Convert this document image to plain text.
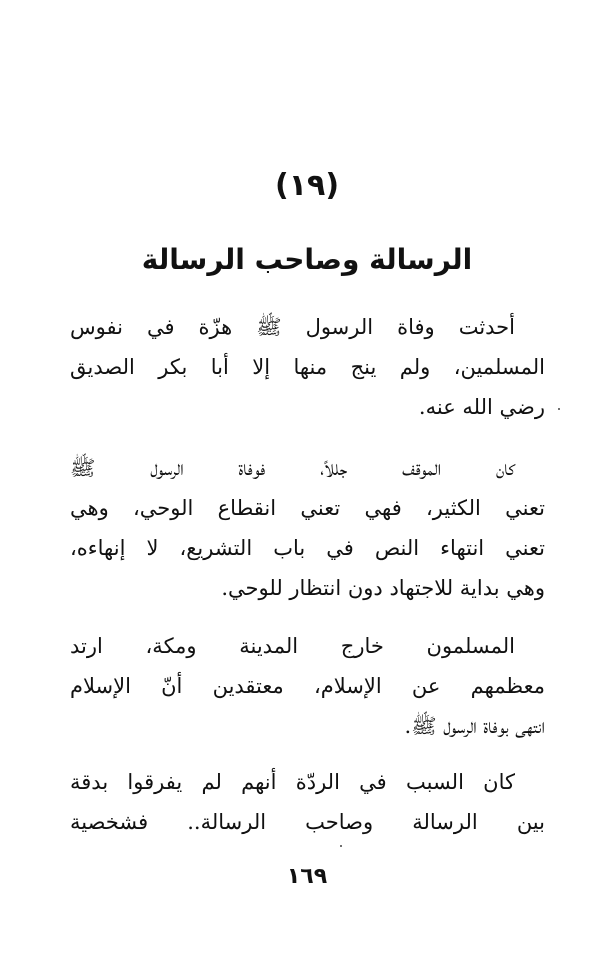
(١٩)
الرسالة وصاحب الرسالة
أحدثت وفاة الرسول ﷺ هزّة في نفوس
المسلمين، ولم ينج منها إلا أبا بكر الصديق
رضي الله عنه.
كان الموقف جللاً، فوفاة الرسول ﷺ
تعني الكثير، فهي تعني انقطاع الوحي، وهي
تعني انتهاء النص في باب التشريع، لا إنهاءه،
وهي بداية للاجتهاد دون انتظار للوحي.
المسلمون خارج المدينة ومكة، ارتد
معظمهم عن الإسلام، معتقدين أنّ الإسلام
انتهى بوفاة الرسول ﷺ.
كان السبب في الردّة أنهم لم يفرقوا بدقة
بين الرسالة وصاحب الرسالة.. فشخصية
١٦٩
